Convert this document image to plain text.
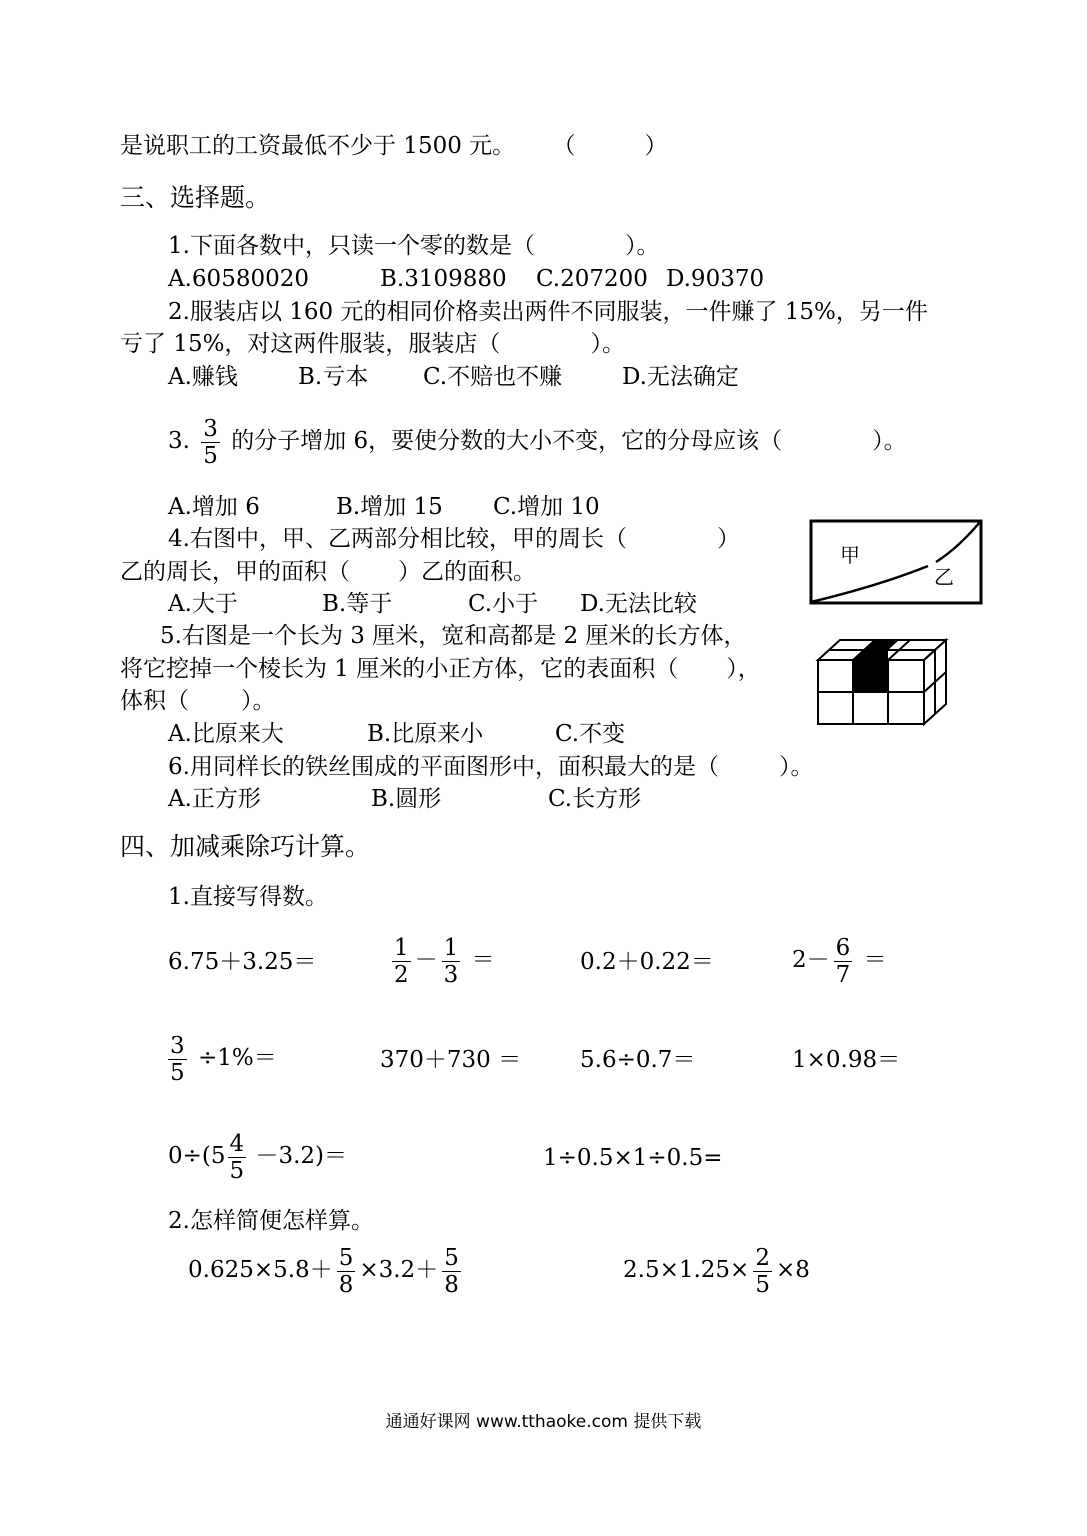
是说职工的工资最低不少于 1500 元。 （　　　）
三、选择题。
1.下面各数中，只读一个零的数是（	）。
A.60580020	B.3109880 C.207200 D.90370
2.服装店以 160 元的相同价格卖出两件不同服装，一件赚了 15%，另一件
亏了 15%，对这两件服装，服装店（	）。
A.赚钱	B.亏本 C.不赔也不赚	D.无法确定
3. $\frac{3}{5}$ 的分子增加 6，要使分数的大小不变，它的分母应该（	）。
A.增加 6	B.增加 15 C.增加 10
4.右图中，甲、乙两部分相比较，甲的周长（	）
乙的周长，甲的面积（ ）乙的面积。
A.大于	B.等于	C.小于 D.无法比较
甲
乙
5.右图是一个长为 3 厘米，宽和高都是 2 厘米的长方体，
将它挖掉一个棱长为 1 厘米的小正方体，它的表面积（ ），
体积（ ）。
A.比原来大	B.比原来小	C.不变
6.用同样长的铁丝围成的平面图形中，面积最大的是（	）。
A.正方形	B.圆形	C.长方形
四、加减乘除巧计算。
1.直接写得数。
6.75＋3.25＝	$\frac{1}{2} - \frac{1}{3}$ ＝	0.2＋0.22＝	$2- \frac{6}{7}$ ＝
$\frac{3}{5} \div 1\%=$	370＋730 ＝	5.6÷0.7＝	1×0.98＝
$0\div(5 \frac{4}{5} -3.2)=$	1÷0.5×1÷0.5=
2.怎样简便怎样算。
$0.625\times 5.8+ \frac{5}{8} \times 3.2+ \frac{5}{8}$	$2.5\times 1.25\times \frac{2}{5} \times 8$
通通好课网 www.tthaoke.com 提供下载
